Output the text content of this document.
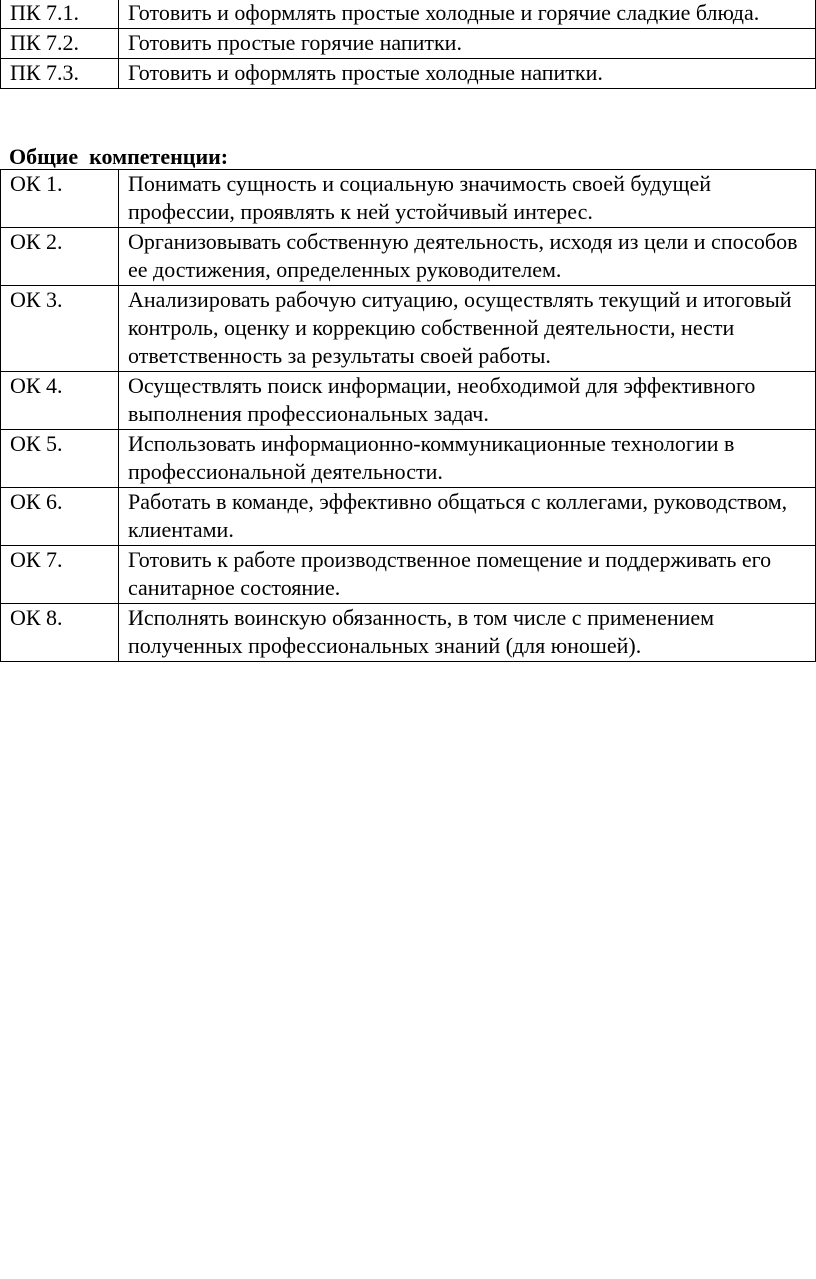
ПК 7.1.	Готовить и оформлять простые холодные и горячие сладкие блюда.
ПК 7.2.	Готовить простые горячие напитки.
ПК 7.3.	Готовить и оформлять простые холодные напитки.
Общие  компетенции:
ОК 1.	Понимать сущность и социальную значимость своей будущей профессии, проявлять к ней устойчивый интерес.
ОК 2.	Организовывать собственную деятельность, исходя из цели и способов ее достижения, определенных руководителем.
ОК 3.	Анализировать рабочую ситуацию, осуществлять текущий и итоговый контроль, оценку и коррекцию собственной деятельности, нести ответственность за результаты своей работы.
ОК 4.	Осуществлять поиск информации, необходимой для эффективного выполнения профессиональных задач.
ОК 5.	Использовать информационно-коммуникационные технологии в профессиональной деятельности.
ОК 6.	Работать в команде, эффективно общаться с коллегами, руководством, клиентами.
ОК 7.	Готовить к работе производственное помещение и поддерживать его санитарное состояние.
ОК 8.	Исполнять воинскую обязанность, в том числе с применением полученных профессиональных знаний (для юношей).
